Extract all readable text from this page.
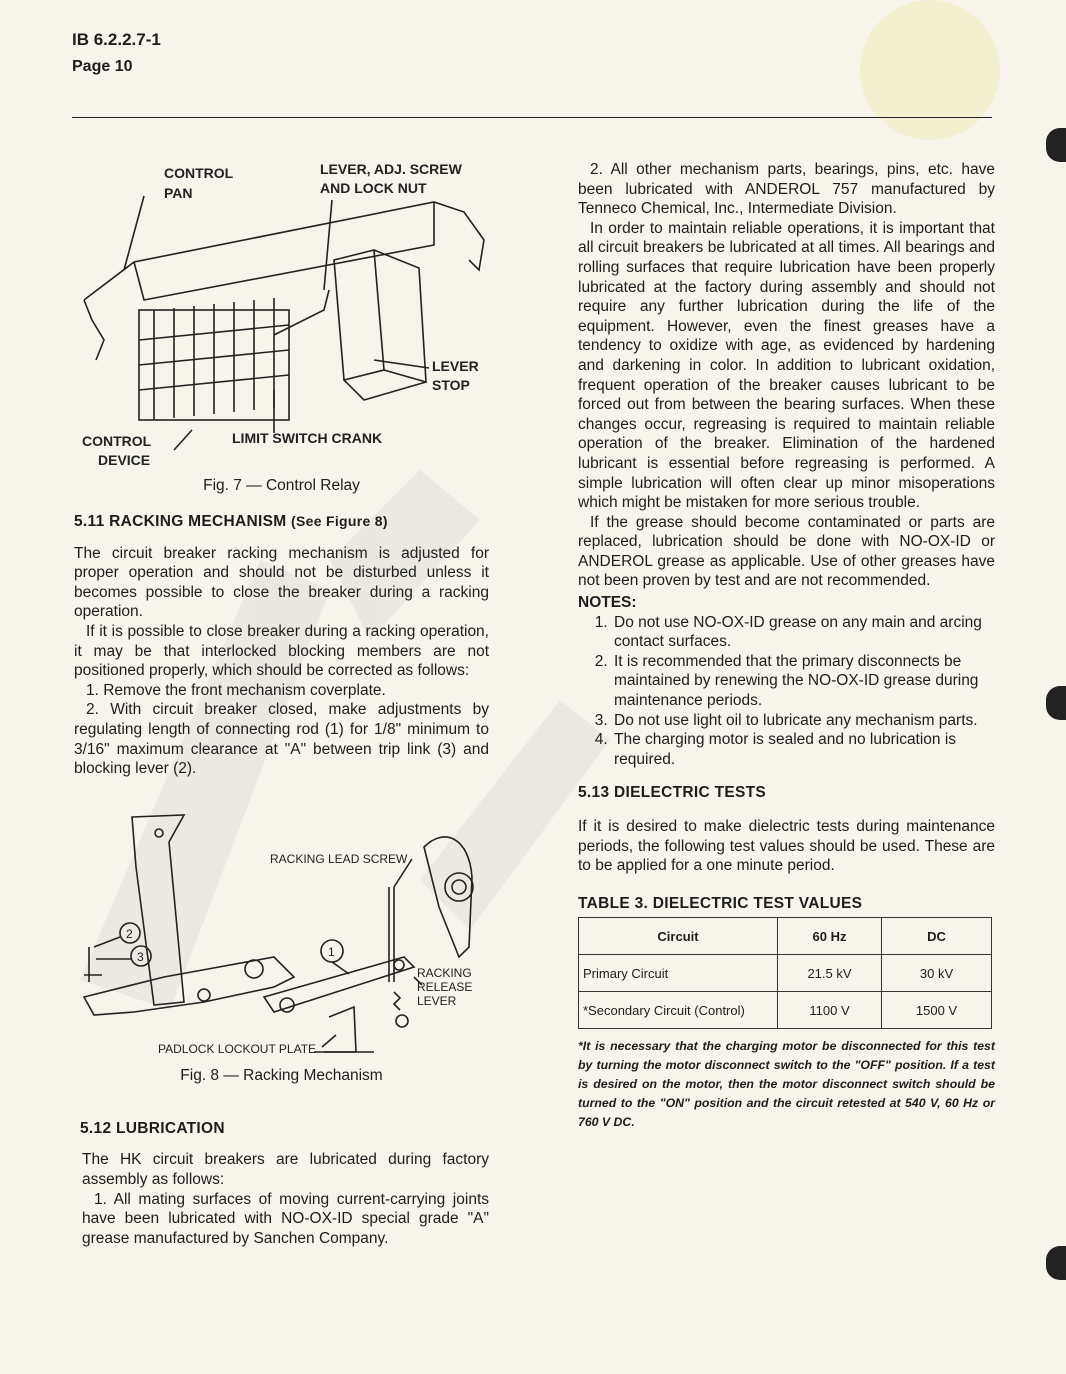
IB 6.2.2.7-1
Page 10
CONTROL
PAN
LEVER, ADJ. SCREW
AND LOCK NUT
LEVER
STOP
CONTROL
DEVICE
LIMIT SWITCH CRANK
Fig. 7 — Control Relay
5.11 RACKING MECHANISM (See Figure 8)

The circuit breaker racking mechanism is adjusted for proper operation and should not be disturbed unless it becomes possible to close the breaker during a racking operation.

If it is possible to close breaker during a racking operation, it may be that interlocked blocking members are not positioned properly, which should be corrected as follows:

1. Remove the front mechanism coverplate.

2. With circuit breaker closed, make adjustments by regulating length of connecting rod (1) for 1/8" minimum to 3/16" maximum clearance at "A" between trip link (3) and blocking lever (2).

2
3	1
RACKING LEAD SCREW
RACKING
RELEASE
LEVER
PADLOCK LOCKOUT PLATE
Fig. 8 — Racking Mechanism
5.12 LUBRICATION

The HK circuit breakers are lubricated during factory assembly as follows:

1. All mating surfaces of moving current-carrying joints have been lubricated with NO-OX-ID special grade "A" grease manufactured by Sanchen Company.

2. All other mechanism parts, bearings, pins, etc. have been lubricated with ANDEROL 757 manufactured by Tenneco Chemical, Inc., Intermediate Division.

In order to maintain reliable operations, it is important that all circuit breakers be lubricated at all times. All bearings and rolling surfaces that require lubrication have been properly lubricated at the factory during assembly and should not require any further lubrication during the life of the equipment. However, even the finest greases have a tendency to oxidize with age, as evidenced by hardening and darkening in color. In addition to lubricant oxidation, frequent operation of the breaker causes lubricant to be forced out from between the bearing surfaces. When these changes occur, regreasing is required to maintain reliable operation of the breaker. Elimination of the hardened lubricant is essential before regreasing is performed. A simple lubrication will often clear up minor misoperations which might be mistaken for more serious trouble.

If the grease should become contaminated or parts are replaced, lubrication should be done with NO-OX-ID or ANDEROL grease as applicable. Use of other greases have not been proven by test and are not recommended.

NOTES:
1. Do not use NO-OX-ID grease on any main and arcing contact surfaces.
2. It is recommended that the primary disconnects be maintained by renewing the NO-OX-ID grease during maintenance periods.
3. Do not use light oil to lubricate any mechanism parts.
4. The charging motor is sealed and no lubrication is required.
5.13 DIELECTRIC TESTS

If it is desired to make dielectric tests during maintenance periods, the following test values should be used. These are to be applied for a one minute period.

TABLE 3. DIELECTRIC TEST VALUES
Circuit	60 Hz	DC
Primary Circuit	21.5 kV	30 kV
*Secondary Circuit (Control)	1100 V	1500 V

*It is necessary that the charging motor be disconnected for this test by turning the motor disconnect switch to the "OFF" position. If a test is desired on the motor, then the motor disconnect switch should be turned to the "ON" position and the circuit retested at 540 V, 60 Hz or 760 V DC.
